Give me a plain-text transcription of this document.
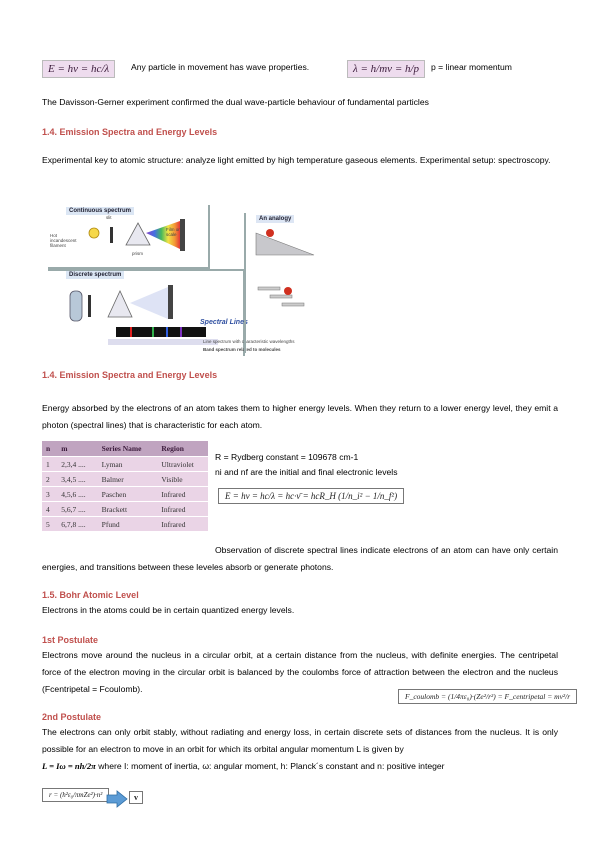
E = hν = hc/λ	Any particle in movement has wave properties.	λ = h/mv = h/p	p = linear momentum
The Davisson-Gerner experiment confirmed the dual wave-particle behaviour of fundamental particles
1.4. Emission Spectra and Energy Levels
Experimental key to atomic structure: analyze light emitted by high temperature gaseous elements. Experimental setup: spectroscopy.
Continuous spectrum
Hot incandescent filament
slit
Film or scale
prism
Discrete spectrum
Spectral Lines
Line spectrum with characteristic wavelengths
Band spectrum related to molecules
An analogy
1.4. Emission Spectra and Energy Levels
Energy absorbed by the electrons of an atom takes them to higher energy levels. When they return to a lower energy level, they emit a photon (spectral lines) that is characteristic for each atom.
n	m	Series Name	Region
1	2,3,4 ....	Lyman	Ultraviolet
2	3,4,5 ....	Balmer	Visible
3	4,5,6 ....	Paschen	Infrared
4	5,6,7 ....	Brackett	Infrared
5	6,7,8 ....	Pfund	Infrared
R = Rydberg constant = 109678 cm-1
ni and nf are the initial and final electronic levels
E = hν = hc/λ = hc·ν̄ = hcR_H (1/n_i² − 1/n_f²)
Observation of discrete spectral lines indicate electrons of an atom can have only certain energies, and transitions between these leveles absorb or generate photons.
1.5. Bohr Atomic Level
Electrons in the atoms could be in certain quantized energy levels.
1st Postulate
Electrons move around the nucleus in a circular orbit, at a certain distance from the nucleus, with definite energies. The centripetal force of the electron moving in the circular orbit is balanced by the coulombs force of attraction between the electron and the nucleus (Fcentripetal = Fcoulomb).
F_coulomb = (1/4πε₀)·(Ze²/r²) = F_centripetal = mv²/r
2nd Postulate
The electrons can only orbit stably, without radiating and energy loss, in certain discrete sets of distances from the nucleus. It is only possible for an electron to move in an orbit for which its orbital angular momentum L is given by
L = Iω = nh/2π where I: moment of inertia, ω: angular moment, h: Planck´s constant and n: positive integer
r = (h²ε₀/πmZe²)·n²	v
